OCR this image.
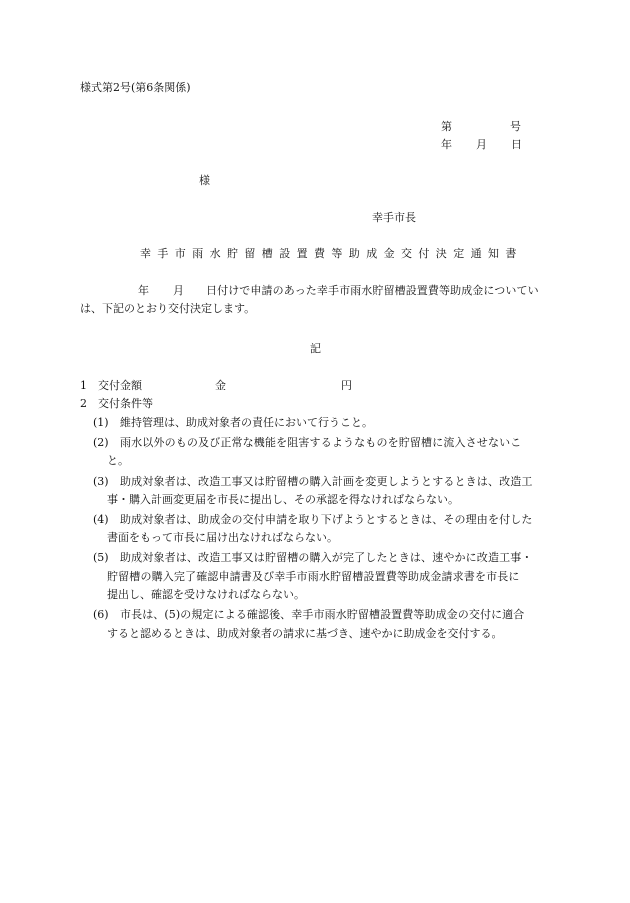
様式第2号(第6条関係)
第	号
年 月 日
様
幸手市長
幸手市雨水貯留槽設置費等助成金交付決定通知書
年 月 日付けで申請のあった幸手市雨水貯留槽設置費等助成金についてい
は、下記のとおり交付決定します。
記
1　交付金額	金	円
2　交付条件等
(1) 維持管理は、助成対象者の責任において行うこと。
(2) 雨水以外のもの及び正常な機能を阻害するようなものを貯留槽に流入させないこ
と。
(3) 助成対象者は、改造工事又は貯留槽の購入計画を変更しようとするときは、改造工
事・購入計画変更届を市長に提出し、その承認を得なければならない。
(4) 助成対象者は、助成金の交付申請を取り下げようとするときは、その理由を付した
書面をもって市長に届け出なければならない。
(5) 助成対象者は、改造工事又は貯留槽の購入が完了したときは、速やかに改造工事・
貯留槽の購入完了確認申請書及び幸手市雨水貯留槽設置費等助成金請求書を市長に
提出し、確認を受けなければならない。
(6) 市長は、(5)の規定による確認後、幸手市雨水貯留槽設置費等助成金の交付に適合
すると認めるときは、助成対象者の請求に基づき、速やかに助成金を交付する。
